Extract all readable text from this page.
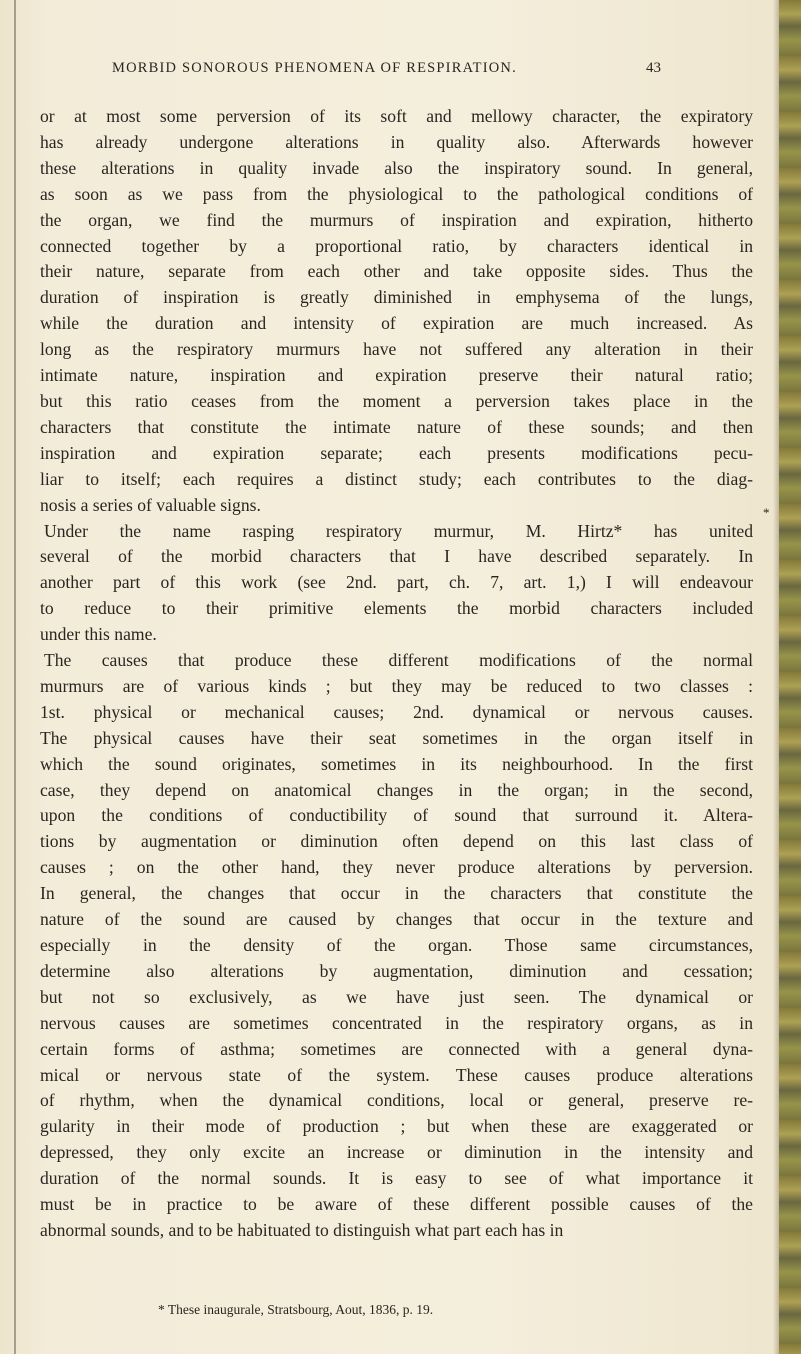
MORBID SONOROUS PHENOMENA OF RESPIRATION.	43
or at most some perversion of its soft and mellowy character, the expiratory
has already undergone alterations in quality also. Afterwards however
these alterations in quality invade also the inspiratory sound. In general,
as soon as we pass from the physiological to the pathological conditions of
the organ, we find the murmurs of inspiration and expiration, hitherto
connected together by a proportional ratio, by characters identical in
their nature, separate from each other and take opposite sides. Thus the
duration of inspiration is greatly diminished in emphysema of the lungs,
while the duration and intensity of expiration are much increased. As
long as the respiratory murmurs have not suffered any alteration in their
intimate nature, inspiration and expiration preserve their natural ratio;
but this ratio ceases from the moment a perversion takes place in the
characters that constitute the intimate nature of these sounds; and then
inspiration and expiration separate; each presents modifications pecu-
liar to itself; each requires a distinct study; each contributes to the diag-
nosis a series of valuable signs.
Under the name rasping respiratory murmur, M. Hirtz* has united
several of the morbid characters that I have described separately. In
another part of this work (see 2nd. part, ch. 7, art. 1,) I will endeavour
to reduce to their primitive elements the morbid characters included
under this name.
The causes that produce these different modifications of the normal
murmurs are of various kinds ; but they may be reduced to two classes :
1st. physical or mechanical causes; 2nd. dynamical or nervous causes.
The physical causes have their seat sometimes in the organ itself in
which the sound originates, sometimes in its neighbourhood. In the first
case, they depend on anatomical changes in the organ; in the second,
upon the conditions of conductibility of sound that surround it. Altera-
tions by augmentation or diminution often depend on this last class of
causes ; on the other hand, they never produce alterations by perversion.
In general, the changes that occur in the characters that constitute the
nature of the sound are caused by changes that occur in the texture and
especially in the density of the organ. Those same circumstances,
determine also alterations by augmentation, diminution and cessation;
but not so exclusively, as we have just seen. The dynamical or
nervous causes are sometimes concentrated in the respiratory organs, as in
certain forms of asthma; sometimes are connected with a general dyna-
mical or nervous state of the system. These causes produce alterations
of rhythm, when the dynamical conditions, local or general, preserve re-
gularity in their mode of production ; but when these are exaggerated or
depressed, they only excite an increase or diminution in the intensity and
duration of the normal sounds. It is easy to see of what importance it
must be in practice to be aware of these different possible causes of the
abnormal sounds, and to be habituated to distinguish what part each has in
*
* These inaugurale, Stratsbourg, Aout, 1836, p. 19.
